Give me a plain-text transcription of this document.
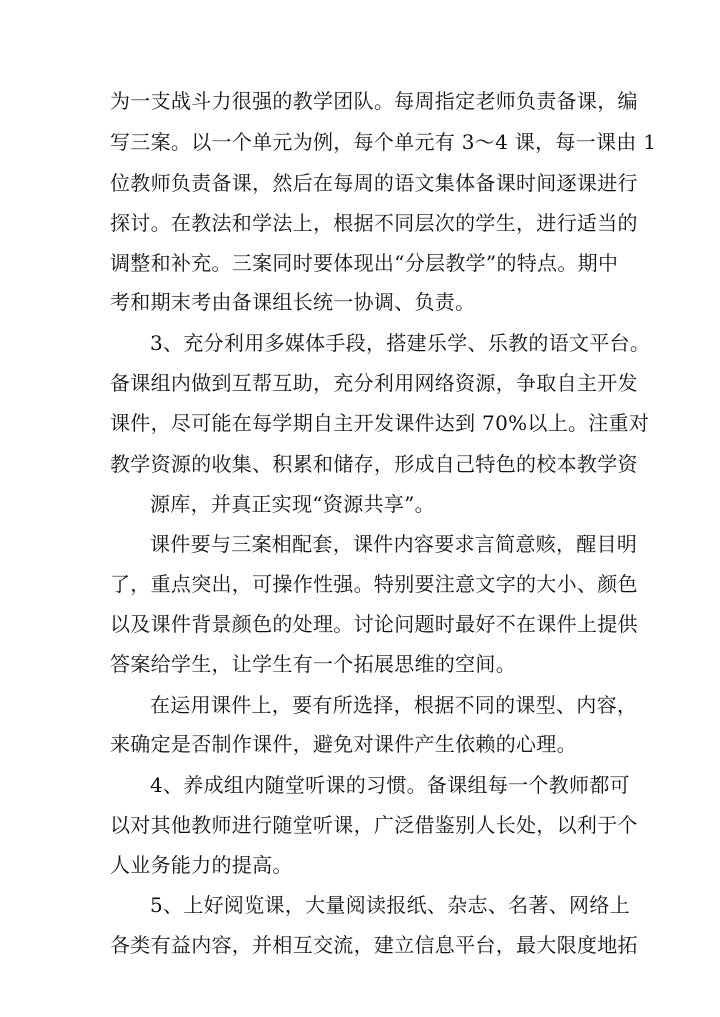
为一支战斗力很强的教学团队。每周指定老师负责备课，编
写三案。以一个单元为例，每个单元有 3～4 课，每一课由 1
位教师负责备课，然后在每周的语文集体备课时间逐课进行
探讨。在教法和学法上，根据不同层次的学生，进行适当的
调整和补充。三案同时要体现出“分层教学”的特点。期中
考和期末考由备课组长统一协调、负责。
3、充分利用多媒体手段，搭建乐学、乐教的语文平台。
备课组内做到互帮互助，充分利用网络资源，争取自主开发
课件，尽可能在每学期自主开发课件达到 70%以上。注重对
教学资源的收集、积累和储存，形成自己特色的校本教学资
源库，并真正实现“资源共享”。
课件要与三案相配套，课件内容要求言简意赅，醒目明
了，重点突出，可操作性强。特别要注意文字的大小、颜色
以及课件背景颜色的处理。讨论问题时最好不在课件上提供
答案给学生，让学生有一个拓展思维的空间。
在运用课件上，要有所选择，根据不同的课型、内容，
来确定是否制作课件，避免对课件产生依赖的心理。
4、养成组内随堂听课的习惯。备课组每一个教师都可
以对其他教师进行随堂听课，广泛借鉴别人长处，以利于个
人业务能力的提高。
5、上好阅览课，大量阅读报纸、杂志、名著、网络上
各类有益内容，并相互交流，建立信息平台，最大限度地拓
